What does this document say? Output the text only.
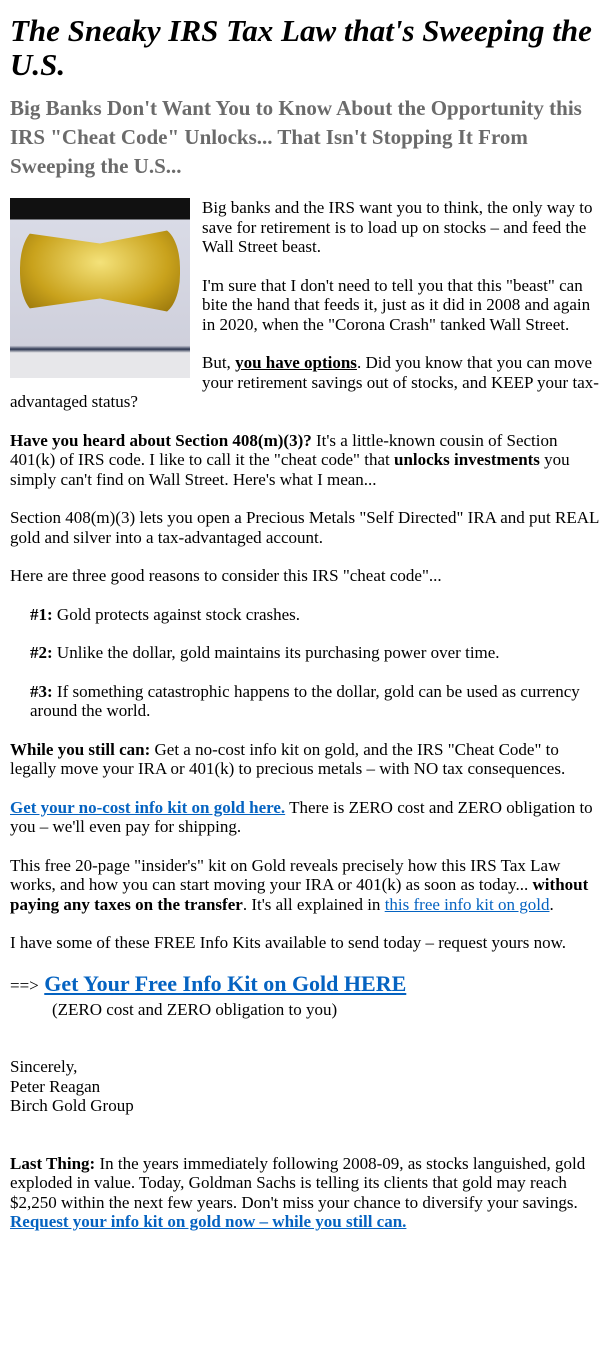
The Sneaky IRS Tax Law that's Sweeping the U.S.
Big Banks Don't Want You to Know About the Opportunity this IRS "Cheat Code" Unlocks... That Isn't Stopping It From Sweeping the U.S...

Big banks and the IRS want you to think, the only way to save for retirement is to load up on stocks – and feed the Wall Street beast.

I'm sure that I don't need to tell you that this "beast" can bite the hand that feeds it, just as it did in 2008 and again in 2020, when the "Corona Crash" tanked Wall Street.

But, you have options. Did you know that you can move your retirement savings out of stocks, and KEEP your tax-advantaged status?

Have you heard about Section 408(m)(3)? It's a little-known cousin of Section 401(k) of IRS code. I like to call it the "cheat code" that unlocks investments you simply can't find on Wall Street. Here's what I mean...

Section 408(m)(3) lets you open a Precious Metals "Self Directed" IRA and put REAL gold and silver into a tax-advantaged account.

Here are three good reasons to consider this IRS "cheat code"...

#1: Gold protects against stock crashes.

#2: Unlike the dollar, gold maintains its purchasing power over time.

#3: If something catastrophic happens to the dollar, gold can be used as currency around the world.

While you still can: Get a no-cost info kit on gold, and the IRS "Cheat Code" to legally move your IRA or 401(k) to precious metals – with NO tax consequences.

Get your no-cost info kit on gold here. There is ZERO cost and ZERO obligation to you – we'll even pay for shipping.

This free 20-page "insider's" kit on Gold reveals precisely how this IRS Tax Law works, and how you can start moving your IRA or 401(k) as soon as today... without paying any taxes on the transfer. It's all explained in this free info kit on gold.

I have some of these FREE Info Kits available to send today – request yours now.

==> Get Your Free Info Kit on Gold HERE

(ZERO cost and ZERO obligation to you)

Sincerely,
Peter Reagan
Birch Gold Group

Last Thing: In the years immediately following 2008-09, as stocks languished, gold exploded in value. Today, Goldman Sachs is telling its clients that gold may reach $2,250 within the next few years. Don't miss your chance to diversify your savings. Request your info kit on gold now – while you still can.
